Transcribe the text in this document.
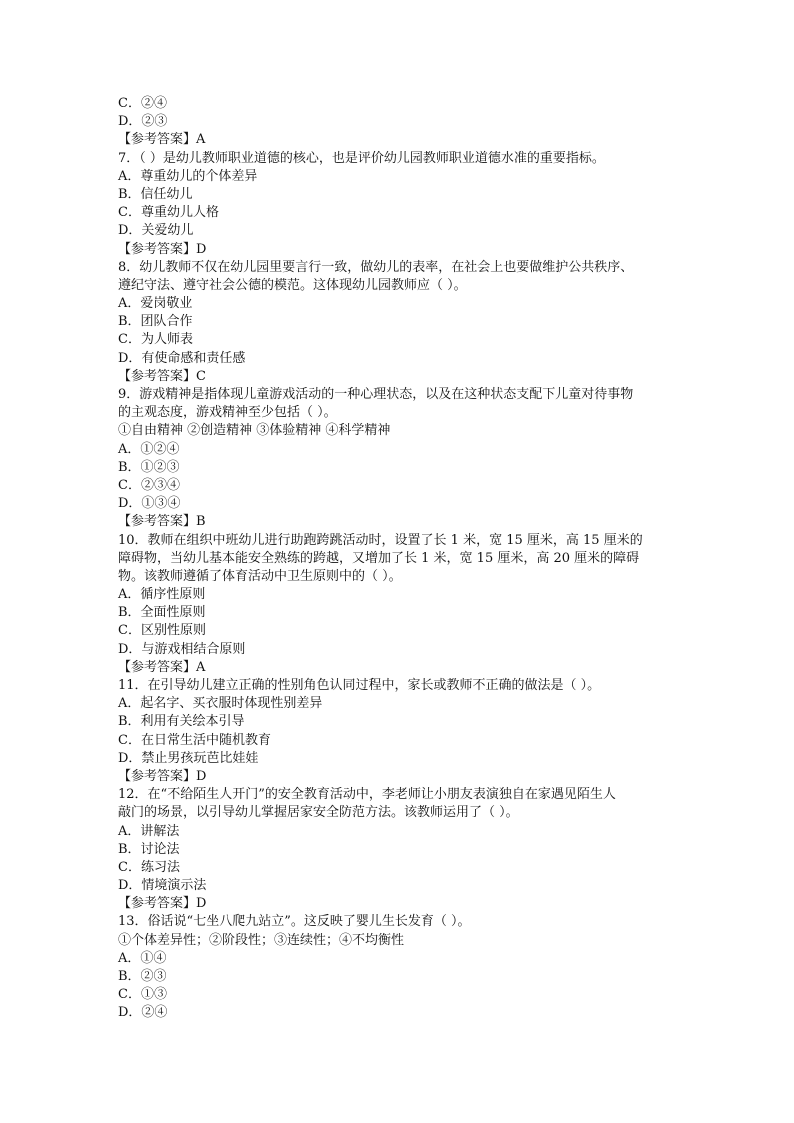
C．②④
D．②③
【参考答案】A
7．（ ）是幼儿教师职业道德的核心，也是评价幼儿园教师职业道德水准的重要指标。
A．尊重幼儿的个体差异
B．信任幼儿
C．尊重幼儿人格
D．关爱幼儿
【参考答案】D
8．幼儿教师不仅在幼儿园里要言行一致，做幼儿的表率，在社会上也要做维护公共秩序、
遵纪守法、遵守社会公德的模范。这体现幼儿园教师应（ ）。
A．爱岗敬业
B．团队合作
C．为人师表
D．有使命感和责任感
【参考答案】C
9．游戏精神是指体现儿童游戏活动的一种心理状态，以及在这种状态支配下儿童对待事物
的主观态度，游戏精神至少包括（ ）。
①自由精神 ②创造精神 ③体验精神 ④科学精神
A．①②④
B．①②③
C．②③④
D．①③④
【参考答案】B
10．教师在组织中班幼儿进行助跑跨跳活动时，设置了长 1 米，宽 15 厘米，高 15 厘米的
障碍物，当幼儿基本能安全熟练的跨越，又增加了长 1 米，宽 15 厘米，高 20 厘米的障碍
物。该教师遵循了体育活动中卫生原则中的（ ）。
A．循序性原则
B．全面性原则
C．区别性原则
D．与游戏相结合原则
【参考答案】A
11．在引导幼儿建立正确的性别角色认同过程中，家长或教师不正确的做法是（ ）。
A．起名字、买衣服时体现性别差异
B．利用有关绘本引导
C．在日常生活中随机教育
D．禁止男孩玩芭比娃娃
【参考答案】D
12．在“不给陌生人开门”的安全教育活动中，李老师让小朋友表演独自在家遇见陌生人
敲门的场景，以引导幼儿掌握居家安全防范方法。该教师运用了（ ）。
A．讲解法
B．讨论法
C．练习法
D．情境演示法
【参考答案】D
13．俗话说“七坐八爬九站立”。这反映了婴儿生长发育（ ）。
①个体差异性；②阶段性；③连续性；④不均衡性
A．①④
B．②③
C．①③
D．②④
